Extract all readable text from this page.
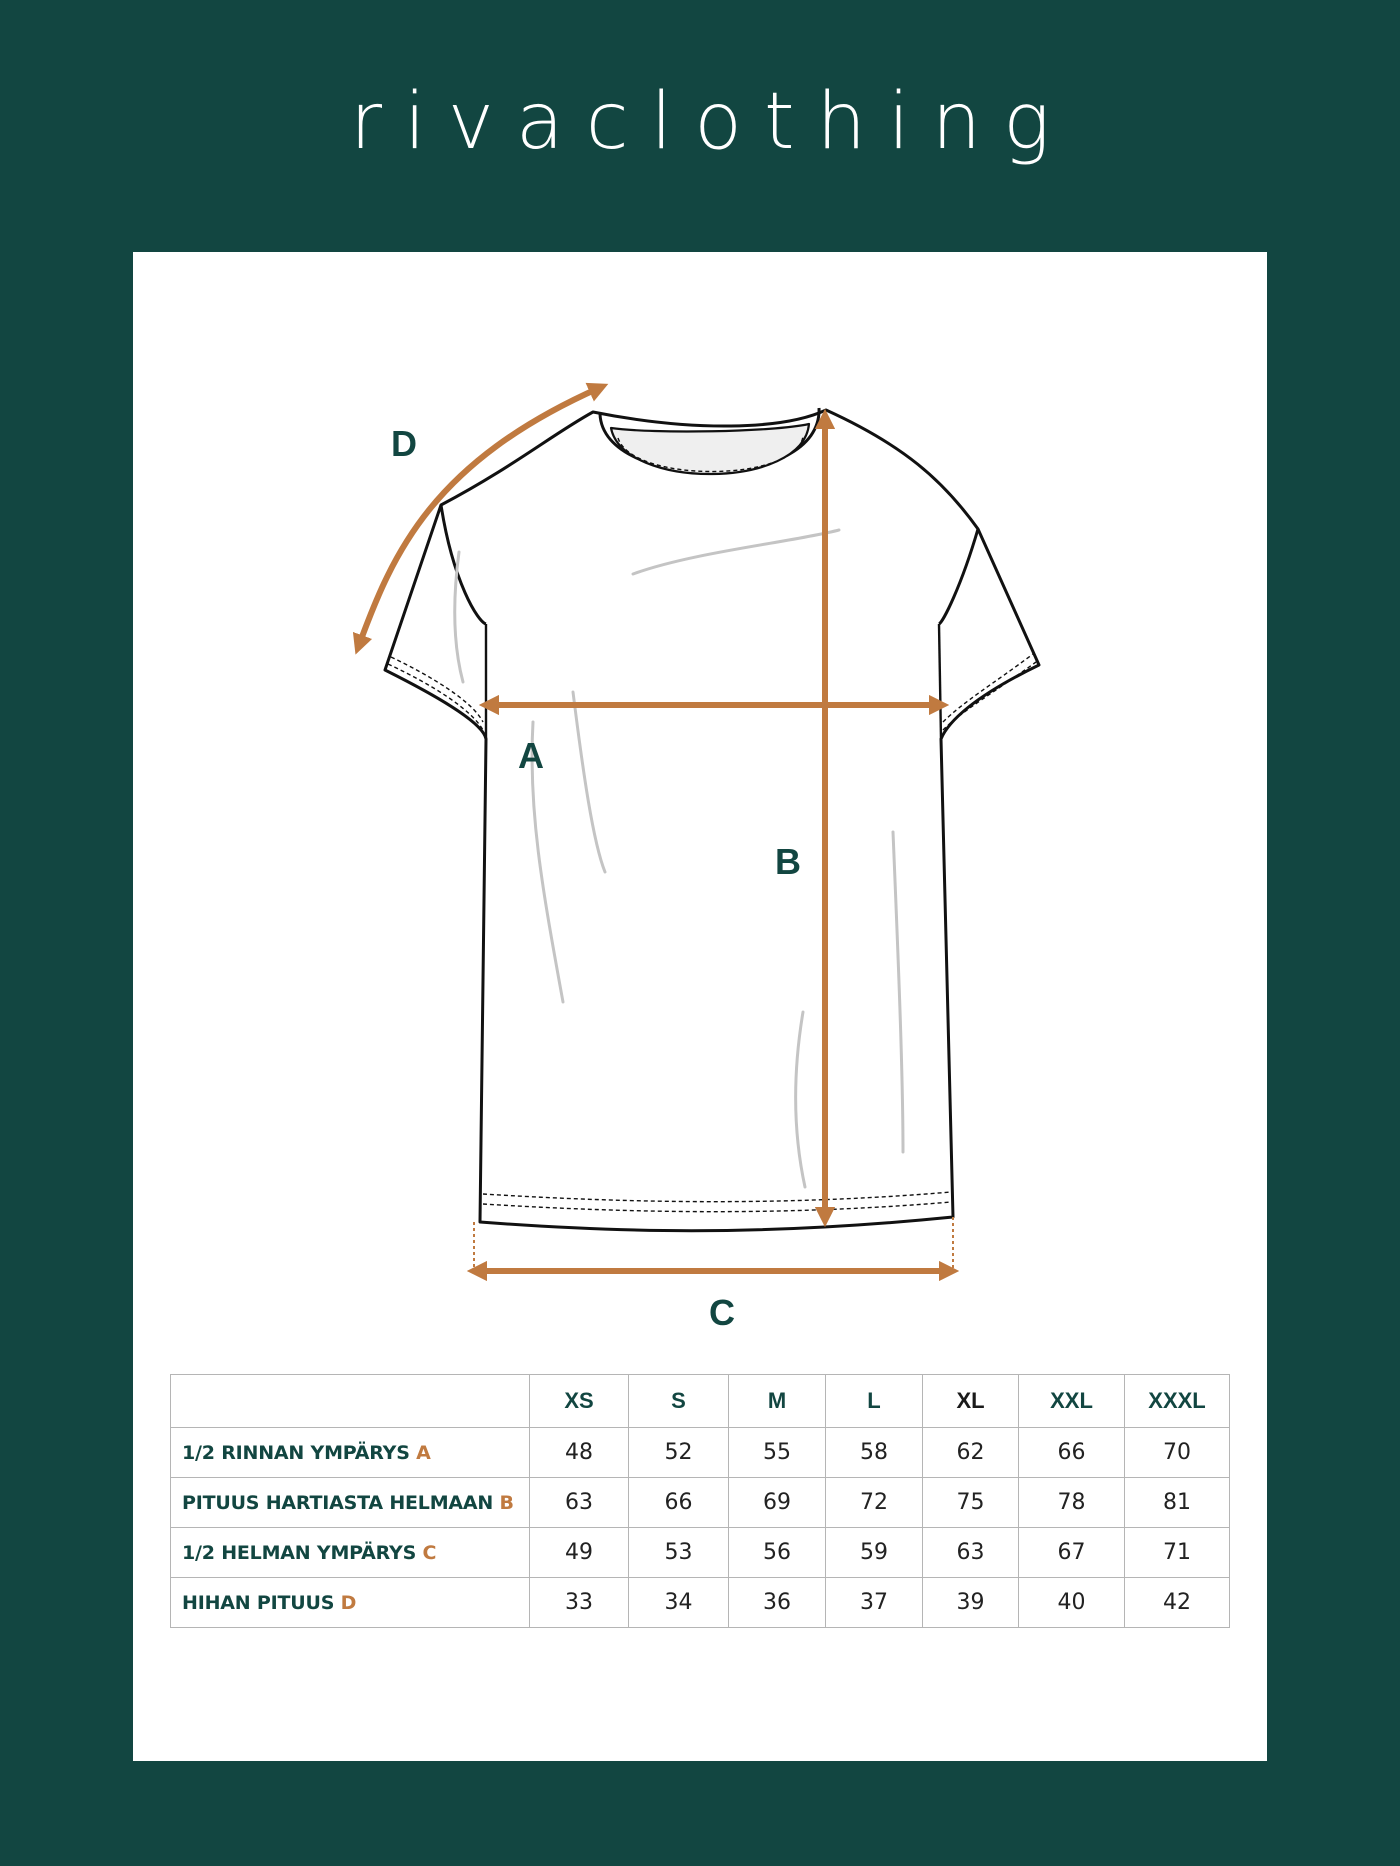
rivaclothing
A
B
C
D
	XS	S	M	L	XL	XXL	XXXL
1/2 RINNAN YMPÄRYS A	48	52	55	58	62	66	70
PITUUS HARTIASTA HELMAAN B	63	66	69	72	75	78	81
1/2 HELMAN YMPÄRYS C	49	53	56	59	63	67	71
HIHAN PITUUS D	33	34	36	37	39	40	42
